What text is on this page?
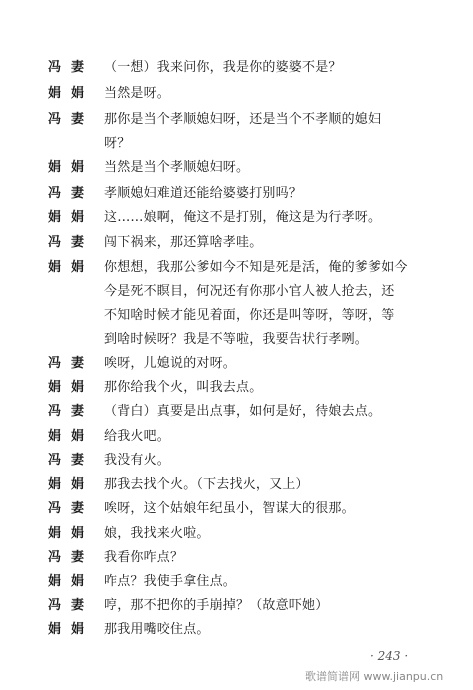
冯妻 （一想）我来问你，我是你的婆婆不是？
娟娟 当然是呀。
冯妻 那你是当个孝顺媳妇呀，还是当个不孝顺的媳妇
呀？
娟娟 当然是当个孝顺媳妇呀。
冯妻 孝顺媳妇难道还能给婆婆打别吗？
娟娟 这……娘啊，俺这不是打别，俺这是为行孝呀。
冯妻 闯下祸来，那还算啥孝哇。
娟娟 你想想，我那公爹如今不知是死是活，俺的爹爹如今
今是死不瞑目，何况还有你那小官人被人抢去，还
不知啥时候才能见着面，你还是叫等呀，等呀，等
到啥时候呀？我是不等啦，我要告状行孝咧。
冯妻 唉呀，儿媳说的对呀。
娟娟 那你给我个火，叫我去点。
冯妻 （背白）真要是出点事，如何是好，待娘去点。
娟娟 给我火吧。
冯妻 我没有火。
娟娟 那我去找个火。（下去找火，又上）
冯妻 唉呀，这个姑娘年纪虽小，智谋大的很那。
娟娟 娘，我找来火啦。
冯妻 我看你咋点？
娟娟 咋点？我使手拿住点。
冯妻 哼，那不把你的手崩掉？（故意吓她）
娟娟 那我用嘴咬住点。
· 243 ·
歌谱简谱网 www.jianpu.cn
